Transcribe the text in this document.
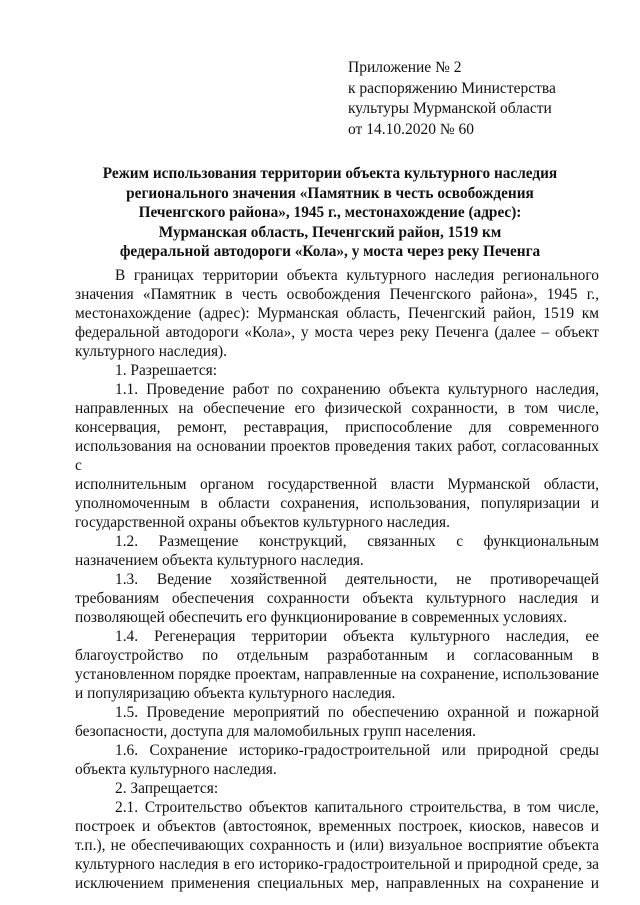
Приложение № 2
к распоряжению Министерства
культуры Мурманской области
от 14.10.2020 № 60
Режим использования территории объекта культурного наследия
регионального значения «Памятник в честь освобождения
Печенгского района», 1945 г., местонахождение (адрес):
Мурманская область, Печенгский район, 1519 км
федеральной автодороги «Кола», у моста через реку Печенга
В границах территории объекта культурного наследия регионального
значения «Памятник в честь освобождения Печенгского района», 1945 г.,
местонахождение (адрес): Мурманская область, Печенгский район, 1519 км
федеральной автодороги «Кола», у моста через реку Печенга (далее – объект
культурного наследия).
1. Разрешается:
1.1. Проведение работ по сохранению объекта культурного наследия,
направленных на обеспечение его физической сохранности, в том числе,
консервация, ремонт, реставрация, приспособление для современного
использования на основании проектов проведения таких работ, согласованных с
исполнительным органом государственной власти Мурманской области,
уполномоченным в области сохранения, использования, популяризации и
государственной охраны объектов культурного наследия.
1.2. Размещение конструкций, связанных с функциональным
назначением объекта культурного наследия.
1.3. Ведение хозяйственной деятельности, не противоречащей
требованиям обеспечения сохранности объекта культурного наследия и
позволяющей обеспечить его функционирование в современных условиях.
1.4. Регенерация территории объекта культурного наследия, ее
благоустройство по отдельным разработанным и согласованным в
установленном порядке проектам, направленные на сохранение, использование
и популяризацию объекта культурного наследия.
1.5. Проведение мероприятий по обеспечению охранной и пожарной
безопасности, доступа для маломобильных групп населения.
1.6. Сохранение историко-градостроительной или природной среды
объекта культурного наследия.
2. Запрещается:
2.1. Строительство объектов капитального строительства, в том числе,
построек и объектов (автостоянок, временных построек, киосков, навесов и
т.п.), не обеспечивающих сохранность и (или) визуальное восприятие объекта
культурного наследия в его историко-градостроительной и природной среде, за
исключением применения специальных мер, направленных на сохранение и
